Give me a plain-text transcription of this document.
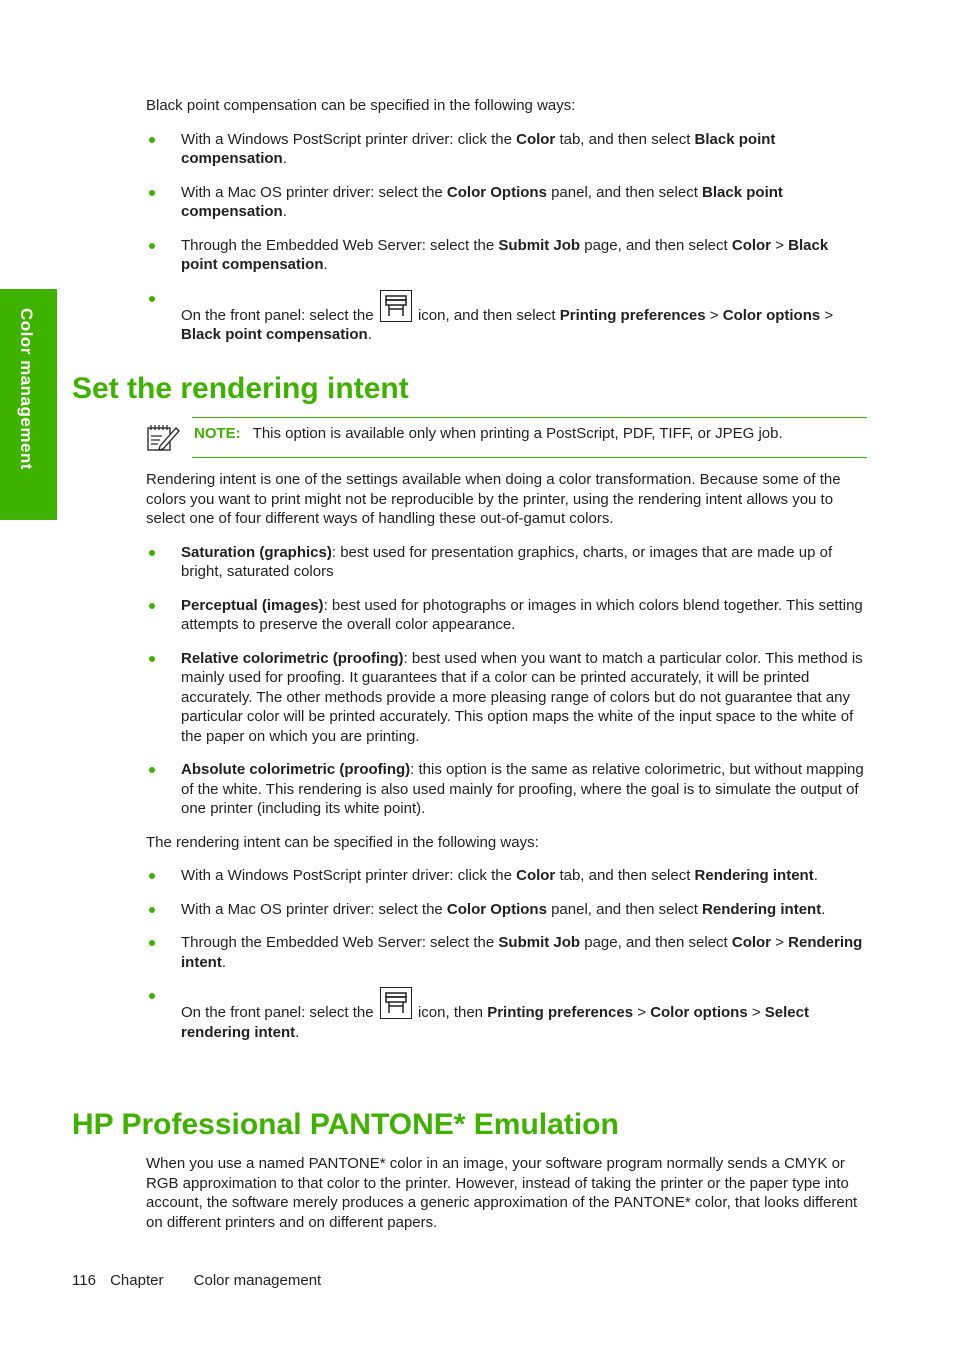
Color management

Black point compensation can be specified in the following ways:

With a Windows PostScript printer driver: click the Color tab, and then select Black point compensation.
With a Mac OS printer driver: select the Color Options panel, and then select Black point compensation.
Through the Embedded Web Server: select the Submit Job page, and then select Color > Black point compensation.
On the front panel: select the  icon, and then select Printing preferences > Color options > Black point compensation.
Set the rendering intent
NOTE: This option is available only when printing a PostScript, PDF, TIFF, or JPEG job.

Rendering intent is one of the settings available when doing a color transformation. Because some of the colors you want to print might not be reproducible by the printer, using the rendering intent allows you to select one of four different ways of handling these out-of-gamut colors.

Saturation (graphics): best used for presentation graphics, charts, or images that are made up of bright, saturated colors
Perceptual (images): best used for photographs or images in which colors blend together. This setting attempts to preserve the overall color appearance.
Relative colorimetric (proofing): best used when you want to match a particular color. This method is mainly used for proofing. It guarantees that if a color can be printed accurately, it will be printed accurately. The other methods provide a more pleasing range of colors but do not guarantee that any particular color will be printed accurately. This option maps the white of the input space to the white of the paper on which you are printing.
Absolute colorimetric (proofing): this option is the same as relative colorimetric, but without mapping of the white. This rendering is also used mainly for proofing, where the goal is to simulate the output of one printer (including its white point).

The rendering intent can be specified in the following ways:

With a Windows PostScript printer driver: click the Color tab, and then select Rendering intent.
With a Mac OS printer driver: select the Color Options panel, and then select Rendering intent.
Through the Embedded Web Server: select the Submit Job page, and then select Color > Rendering intent.
On the front panel: select the  icon, then Printing preferences > Color options > Select rendering intent.
HP Professional PANTONE* Emulation

When you use a named PANTONE* color in an image, your software program normally sends a CMYK or RGB approximation to that color to the printer. However, instead of taking the printer or the paper type into account, the software merely produces a generic approximation of the PANTONE* color, that looks different on different printers and on different papers.

116 Chapter Color management
